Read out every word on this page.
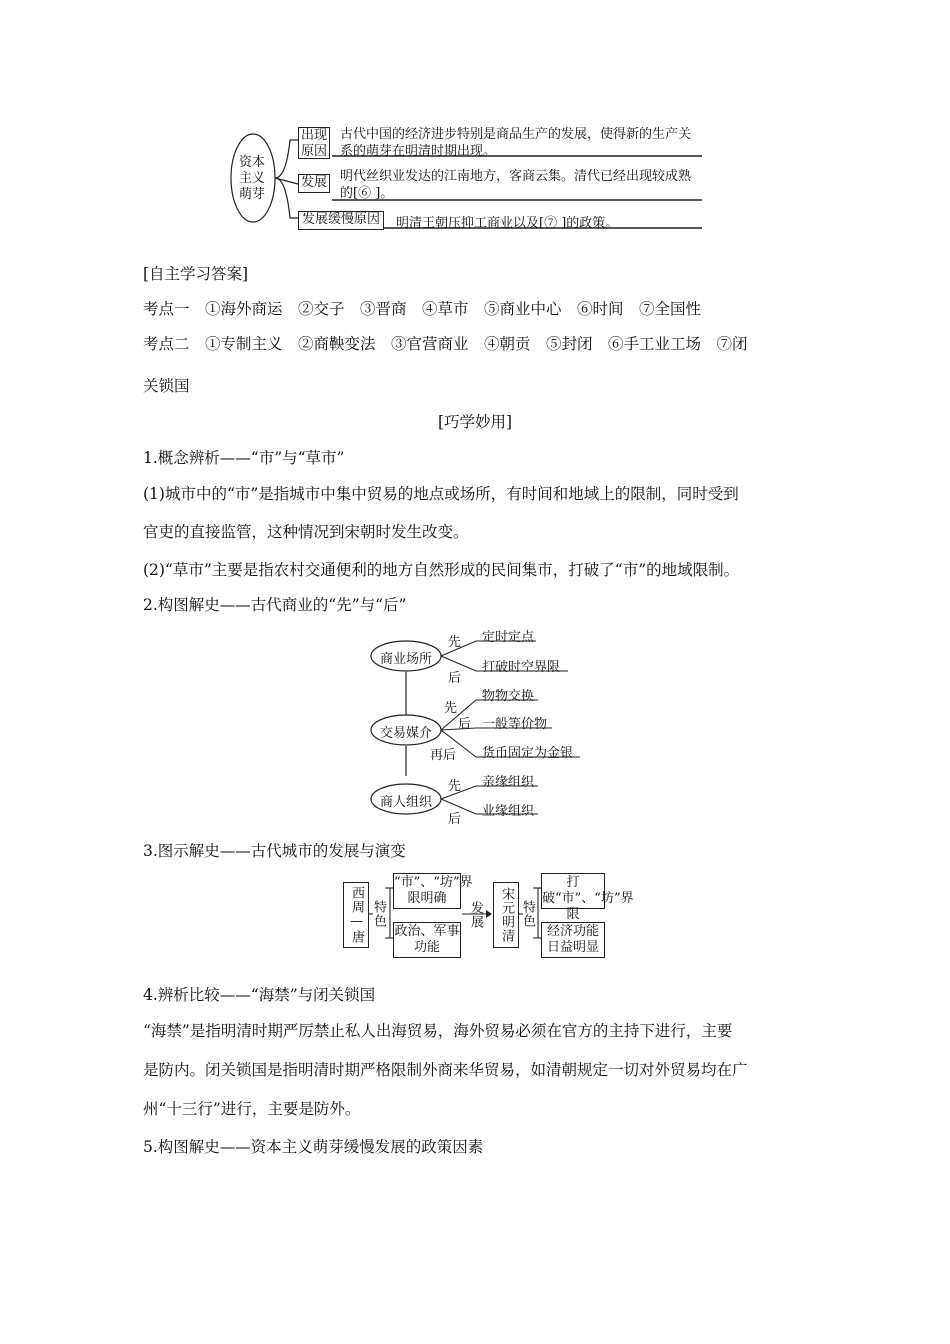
资本主义萌芽
出现
原因
古代中国的经济进步特别是商品生产的发展，使得新的生产关
系的萌芽在明清时期出现。
发展 明代丝织业发达的江南地方，客商云集。清代已经出现较成熟
的[⑥ ]。
发展缓慢原因	明清王朝压抑工商业以及[⑦ ]的政策。
[自主学习答案]
考点一　①海外商运　②交子　③晋商　④草市　⑤商业中心　⑥时间　⑦全国性
考点二　①专制主义　②商鞅变法　③官营商业　④朝贡　⑤封闭　⑥手工业工场　⑦闭
关锁国
[巧学妙用]
1.概念辨析——“市”与“草市”
(1)城市中的“市”是指城市中集中贸易的地点或场所，有时间和地域上的限制，同时受到
官吏的直接监管，这种情况到宋朝时发生改变。
(2)“草市”主要是指农村交通便利的地方自然形成的民间集市，打破了“市”的地域限制。
2.构图解史——古代商业的“先”与“后”
商业场所
交易媒介
商人组织
先
后
定时定点
打破时空界限
先
后
再后
物物交换
一般等价物
货币固定为金银
先
后
亲缘组织
业缘组织
3.图示解史——古代城市的发展与演变
西周—唐 特色
“市”、“坊”界限明确
政治、军事功能
发展	宋元明清 特色
打破“市”、“坊”界限
经济功能日益明显
4.辨析比较——“海禁”与闭关锁国
“海禁”是指明清时期严厉禁止私人出海贸易，海外贸易必须在官方的主持下进行，主要
是防内。闭关锁国是指明清时期严格限制外商来华贸易，如清朝规定一切对外贸易均在广
州“十三行”进行，主要是防外。
5.构图解史——资本主义萌芽缓慢发展的政策因素
